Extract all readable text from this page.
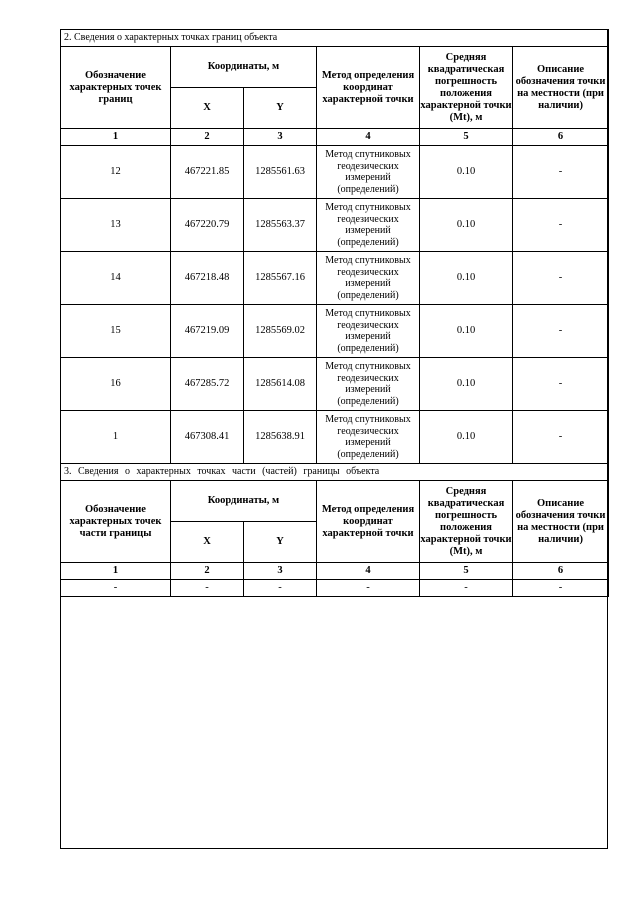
2. Сведения о характерных точках границ объекта					
Обозначение характерных точек границ	Координаты, м		Метод определения координат характерной точки	Средняя квадратическая погрешность положения характерной точки (Mt), м	Описание обозначения точки на местности (при наличии)
	X	Y			
1	2	3	4	5	6
12	467221.85	1285561.63	Метод спутниковых геодезических измерений (определений)	0.10	-
13	467220.79	1285563.37	Метод спутниковых геодезических измерений (определений)	0.10	-
14	467218.48	1285567.16	Метод спутниковых геодезических измерений (определений)	0.10	-
15	467219.09	1285569.02	Метод спутниковых геодезических измерений (определений)	0.10	-
16	467285.72	1285614.08	Метод спутниковых геодезических измерений (определений)	0.10	-
1	467308.41	1285638.91	Метод спутниковых геодезических измерений (определений)	0.10	-
3. Сведения о характерных точках части (частей) границы объекта					
Обозначение характерных точек части границы	Координаты, м		Метод определения координат характерной точки	Средняя квадратическая погрешность положения характерной точки (Mt), м	Описание обозначения точки на местности (при наличии)
	X	Y			
1	2	3	4	5	6
-	-	-	-	-	-
